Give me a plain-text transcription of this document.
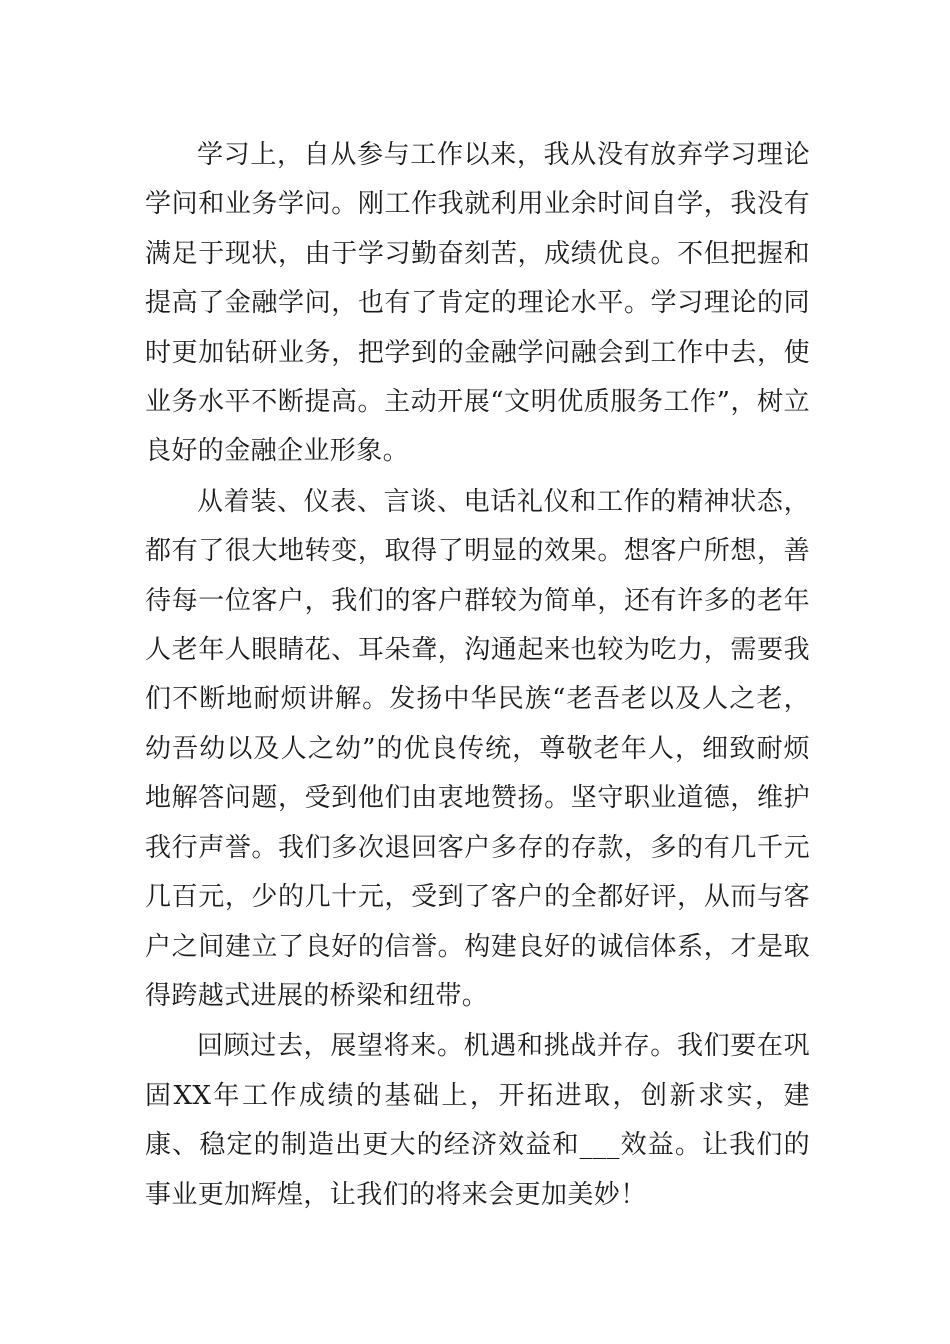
学习上，自从参与工作以来，我从没有放弃学习理论学问和业务学问。刚工作我就利用业余时间自学，我没有满足于现状，由于学习勤奋刻苦，成绩优良。不但把握和提高了金融学问，也有了肯定的理论水平。学习理论的同时更加钻研业务，把学到的金融学问融会到工作中去，使业务水平不断提高。主动开展“文明优质服务工作”，树立良好的金融企业形象。

从着装、仪表、言谈、电话礼仪和工作的精神状态，都有了很大地转变，取得了明显的效果。想客户所想，善待每一位客户，我们的客户群较为简单，还有许多的老年人老年人眼睛花、耳朵聋，沟通起来也较为吃力，需要我们不断地耐烦讲解。发扬中华民族“老吾老以及人之老，幼吾幼以及人之幼”的优良传统，尊敬老年人，细致耐烦地解答问题，受到他们由衷地赞扬。坚守职业道德，维护我行声誉。我们多次退回客户多存的存款，多的有几千元几百元，少的几十元，受到了客户的全都好评，从而与客户之间建立了良好的信誉。构建良好的诚信体系，才是取得跨越式进展的桥梁和纽带。

回顾过去，展望将来。机遇和挑战并存。我们要在巩固XX年工作成绩的基础上，开拓进取，创新求实，建康、稳定的制造出更大的经济效益和___效益。让我们的事业更加辉煌，让我们的将来会更加美妙！
